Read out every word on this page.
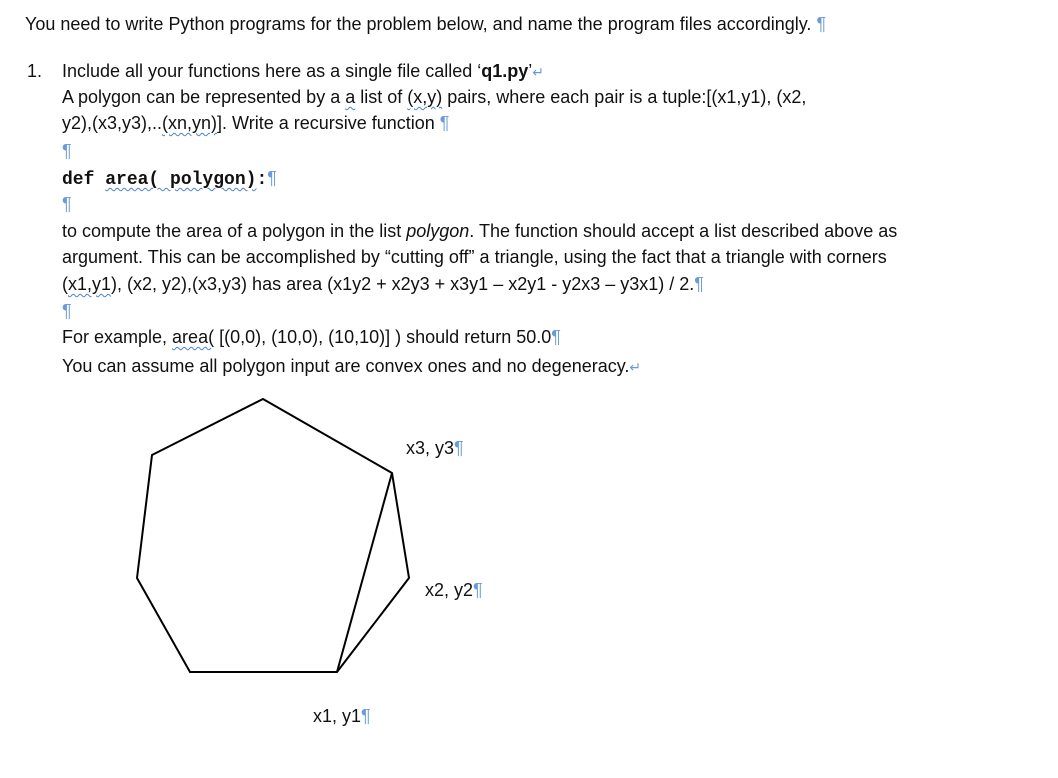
You need to write Python programs for the problem below, and name the program files accordingly. ¶
1. Include all your functions here as a single file called ‘q1.py’↵
A polygon can be represented by a a list of (x,y) pairs, where each pair is a tuple:[(x1,y1), (x2,
y2),(x3,y3),..(xn,yn)]. Write a recursive function ¶
¶
def area( polygon):¶
¶
to compute the area of a polygon in the list polygon. The function should accept a list described above as
argument. This can be accomplished by “cutting off” a triangle, using the fact that a triangle with corners
(x1,y1), (x2, y2),(x3,y3) has area (x1y2 + x2y3 + x3y1 – x2y1 - y2x3 – y3x1) / 2.¶
¶
For example, area( [(0,0), (10,0), (10,10)] ) should return 50.0¶
You can assume all polygon input are convex ones and no degeneracy.↵
x3, y3¶
x2, y2¶
x1, y1¶
